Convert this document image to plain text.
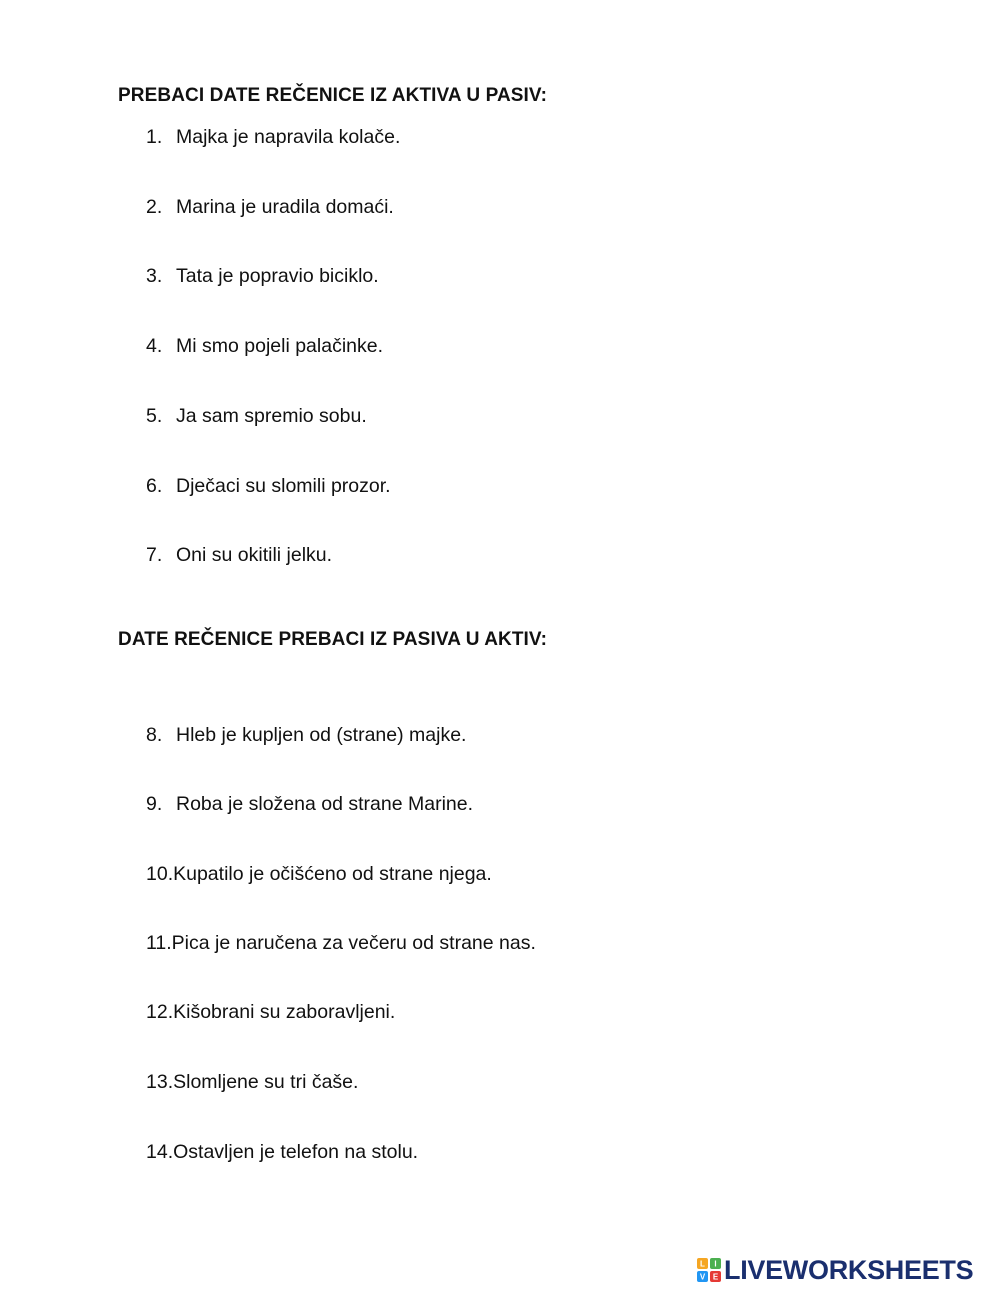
PREBACI DATE REČENICE IZ AKTIVA U PASIV:
1. Majka je napravila kolače.
2. Marina je uradila domaći.
3. Tata je popravio biciklo.
4. Mi smo pojeli palačinke.
5. Ja sam spremio sobu.
6. Dječaci su slomili prozor.
7. Oni su okitili jelku.
DATE REČENICE PREBACI IZ PASIVA U AKTIV:
8. Hleb je kupljen od (strane) majke.
9. Roba je složena od strane Marine.
10. Kupatilo je očišćeno od strane njega.
11. Pica je naručena za večeru od strane nas.
12. Kišobrani su zaboravljeni.
13. Slomljene su tri čaše.
14. Ostavljen je telefon na stolu.
L I
V E LIVEWORKSHEETS
